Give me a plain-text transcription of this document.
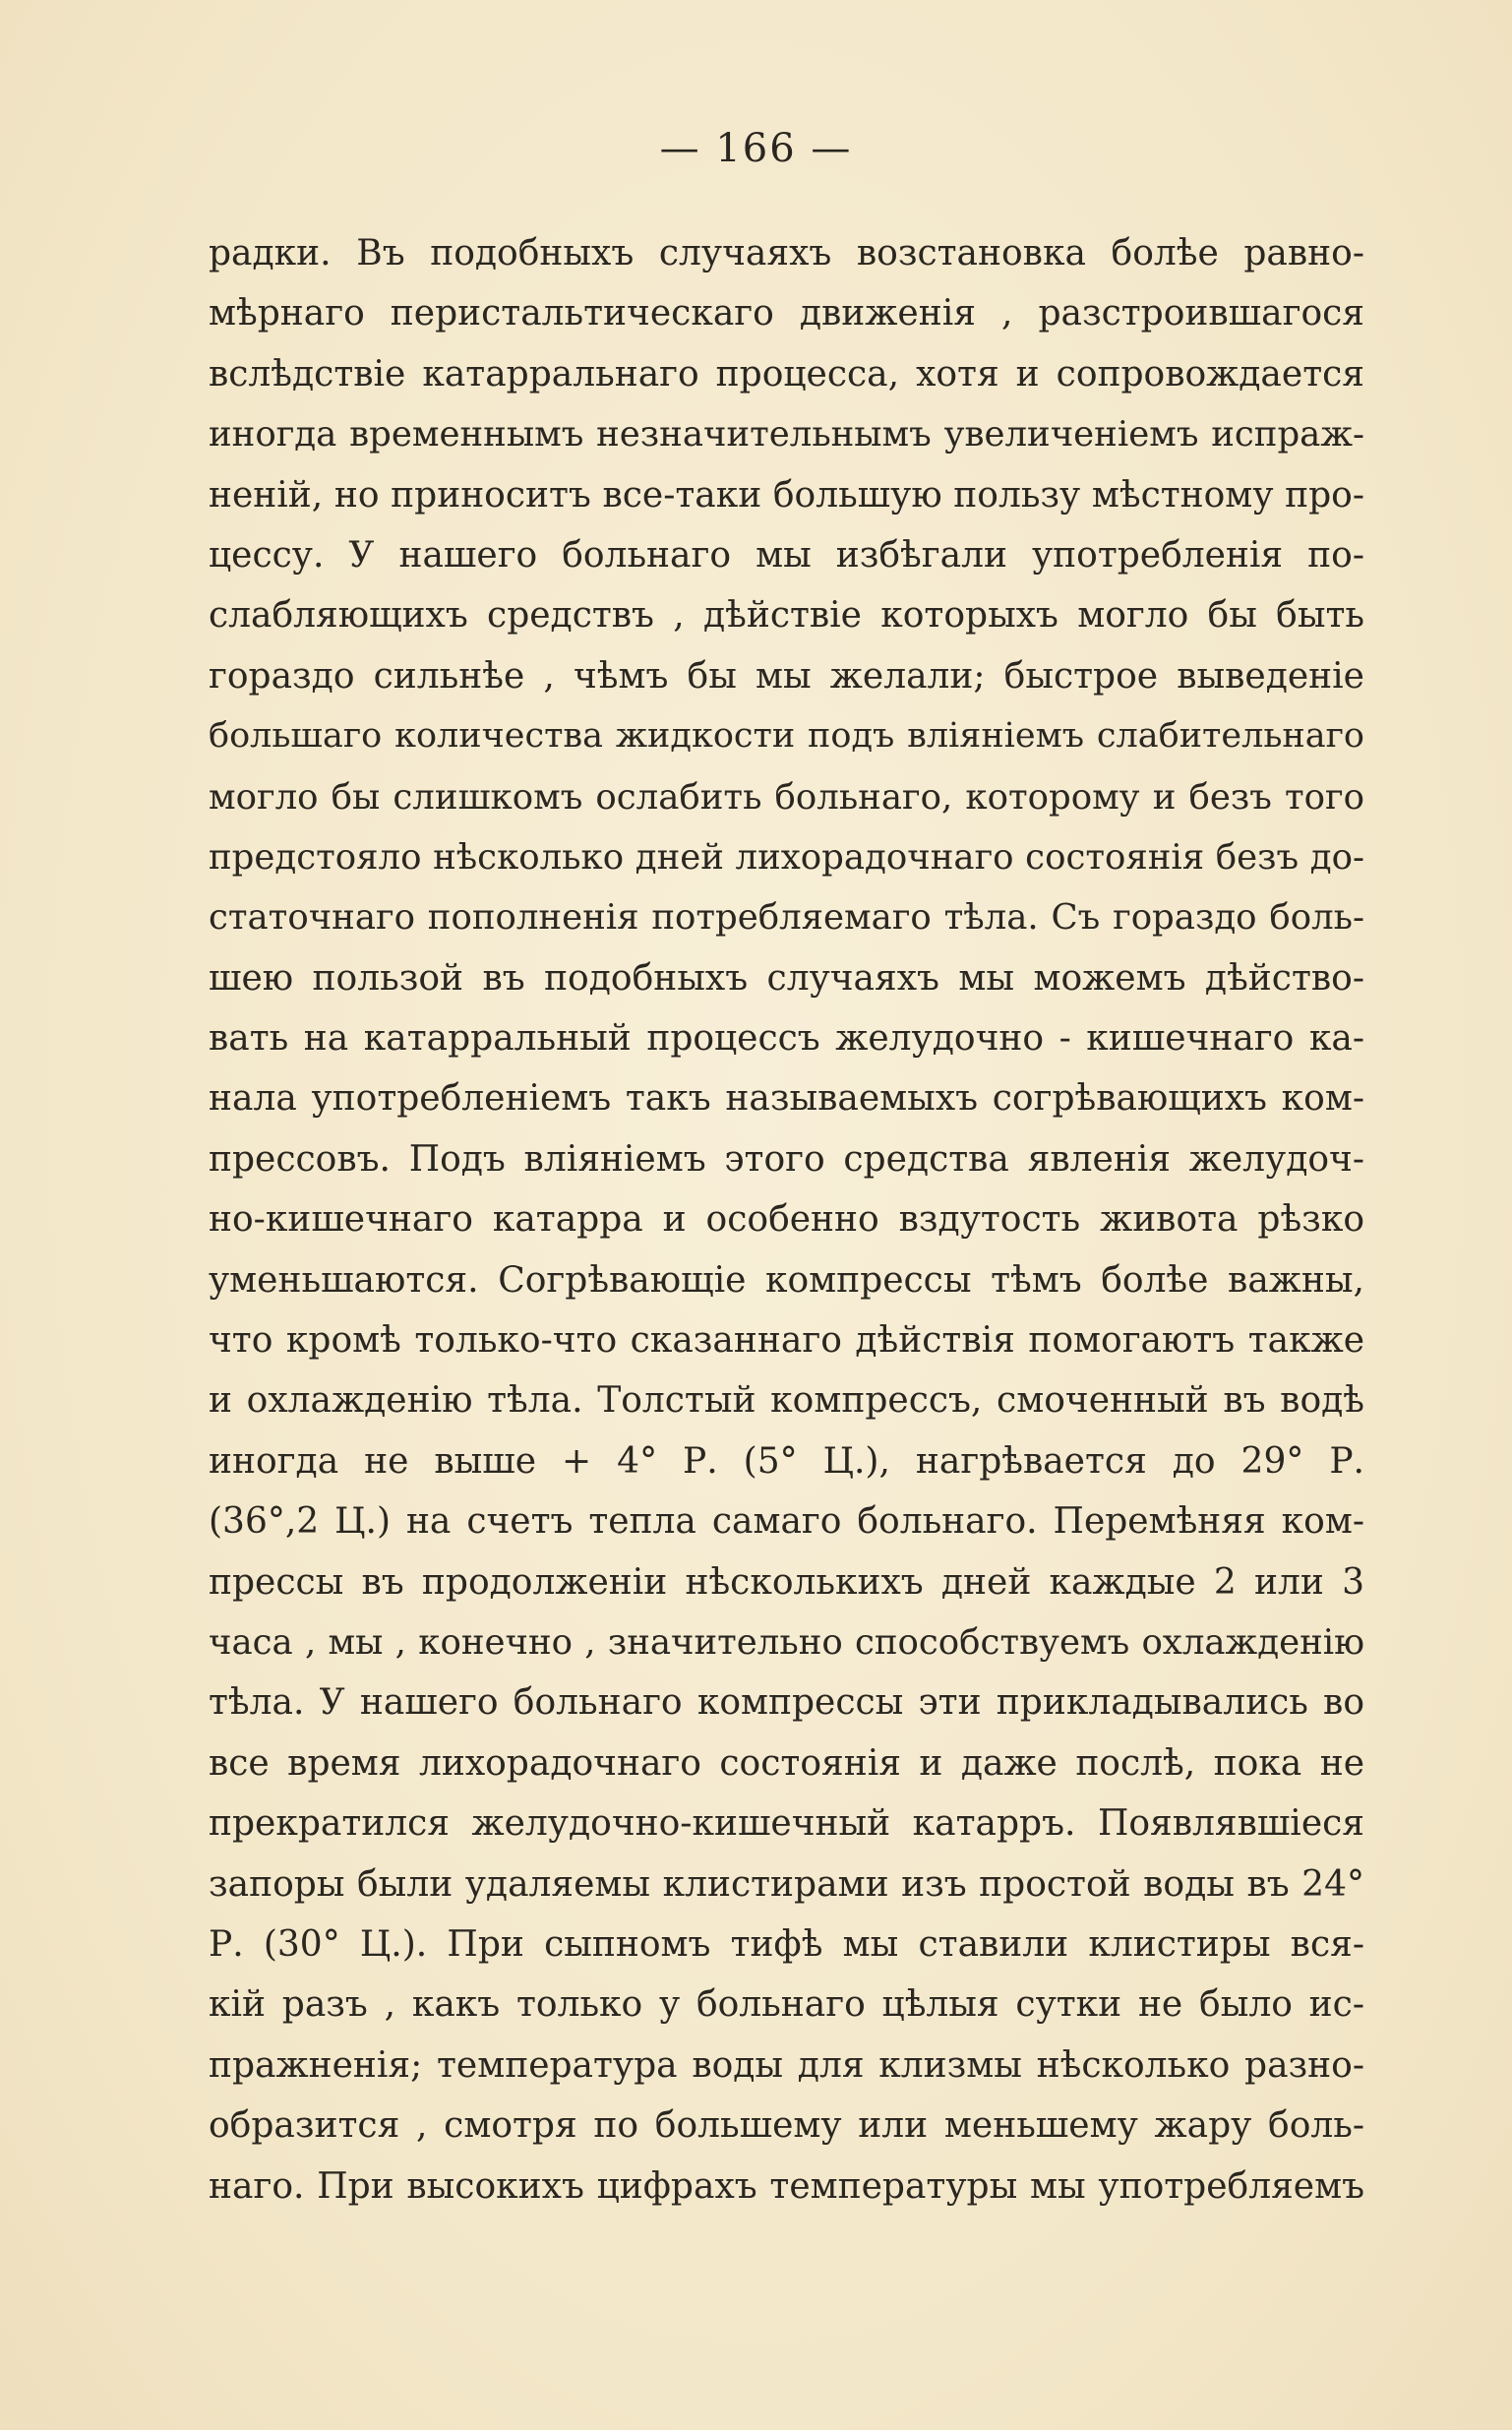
— 166 —
радки. Въ подобныхъ случаяхъ возстановка болѣе равно-
мѣрнаго перистальтическаго движенія , разстроившагося
вслѣдствіе катарральнаго процесса, хотя и сопровождается
иногда временнымъ незначительнымъ увеличеніемъ испраж-
неній, но приноситъ все-таки большую пользу мѣстному про-
цессу. У нашего больнаго мы избѣгали употребленія по-
слабляющихъ средствъ , дѣйствіе которыхъ могло бы быть
гораздо сильнѣе , чѣмъ бы мы желали; быстрое выведеніе
большаго количества жидкости подъ вліяніемъ слабительнаго
могло бы слишкомъ ослабить больнаго, которому и безъ того
предстояло нѣсколько дней лихорадочнаго состоянія безъ до-
статочнаго пополненія потребляемаго тѣла. Съ гораздо боль-
шею пользой въ подобныхъ случаяхъ мы можемъ дѣйство-
вать на катарральный процессъ желудочно - кишечнаго ка-
нала употребленіемъ такъ называемыхъ согрѣвающихъ ком-
прессовъ. Подъ вліяніемъ этого средства явленія желудоч-
но-кишечнаго катарра и особенно вздутость живота рѣзко
уменьшаются. Согрѣвающіе компрессы тѣмъ болѣе важны,
что кромѣ только-что сказаннаго дѣйствія помогаютъ также
и охлажденію тѣла. Толстый компрессъ, смоченный въ водѣ
иногда не выше + 4° Р. (5° Ц.), нагрѣвается до 29° Р.
(36°,2 Ц.) на счетъ тепла самаго больнаго. Перемѣняя ком-
прессы въ продолженіи нѣсколькихъ дней каждые 2 или 3
часа , мы , конечно , значительно способствуемъ охлажденію
тѣла. У нашего больнаго компрессы эти прикладывались во
все время лихорадочнаго состоянія и даже послѣ, пока не
прекратился желудочно-кишечный катарръ. Появлявшіеся
запоры были удаляемы клистирами изъ простой воды въ 24°
Р. (30° Ц.). При сыпномъ тифѣ мы ставили клистиры вся-
кій разъ , какъ только у больнаго цѣлыя сутки не было ис-
пражненія; температура воды для клизмы нѣсколько разно-
образится , смотря по большему или меньшему жару боль-
наго. При высокихъ цифрахъ температуры мы употребляемъ
